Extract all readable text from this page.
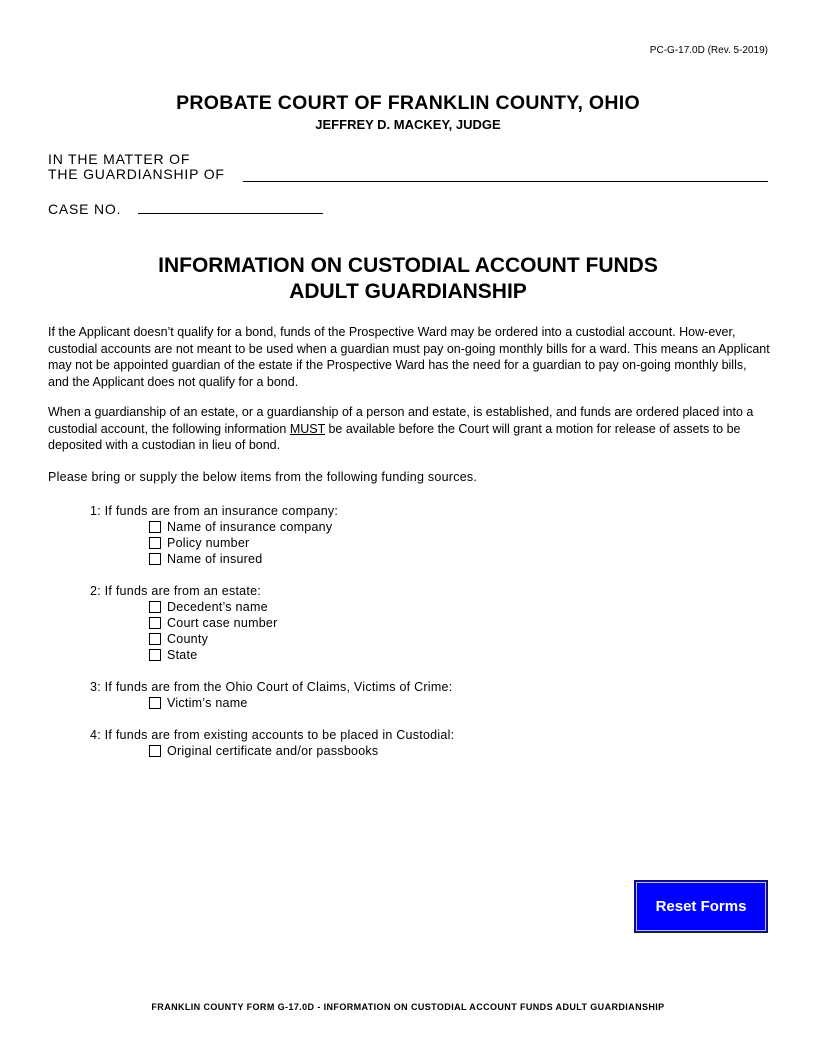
PC-G-17.0D (Rev. 5-2019)
PROBATE COURT OF FRANKLIN COUNTY, OHIO
JEFFREY D. MACKEY, JUDGE
IN THE MATTER OF
THE GUARDIANSHIP OF
CASE NO.
INFORMATION ON CUSTODIAL ACCOUNT FUNDS
ADULT GUARDIANSHIP
If the Applicant doesn’t qualify for a bond, funds of the Prospective Ward may be ordered into a custodial account. How-ever, custodial accounts are not meant to be used when a guardian must pay on-going monthly bills for a ward. This means an Applicant may not be appointed guardian of the estate if the Prospective Ward has the need for a guardian to pay on-going monthly bills, and the Applicant does not qualify for a bond.
When a guardianship of an estate, or a guardianship of a person and estate, is established, and funds are ordered placed into a custodial account, the following information MUST be available before the Court will grant a motion for release of assets to be deposited with a custodian in lieu of bond.
Please bring or supply the below items from the following funding sources.
1: If funds are from an insurance company:
Name of insurance company
Policy number
Name of insured
2: If funds are from an estate:
Decedent’s name
Court case number
County
State
3: If funds are from the Ohio Court of Claims, Victims of Crime:
Victim’s name
4: If funds are from existing accounts to be placed in Custodial:
Original certificate and/or passbooks
Reset Forms
FRANKLIN COUNTY FORM G-17.0D - INFORMATION ON CUSTODIAL ACCOUNT FUNDS ADULT GUARDIANSHIP
